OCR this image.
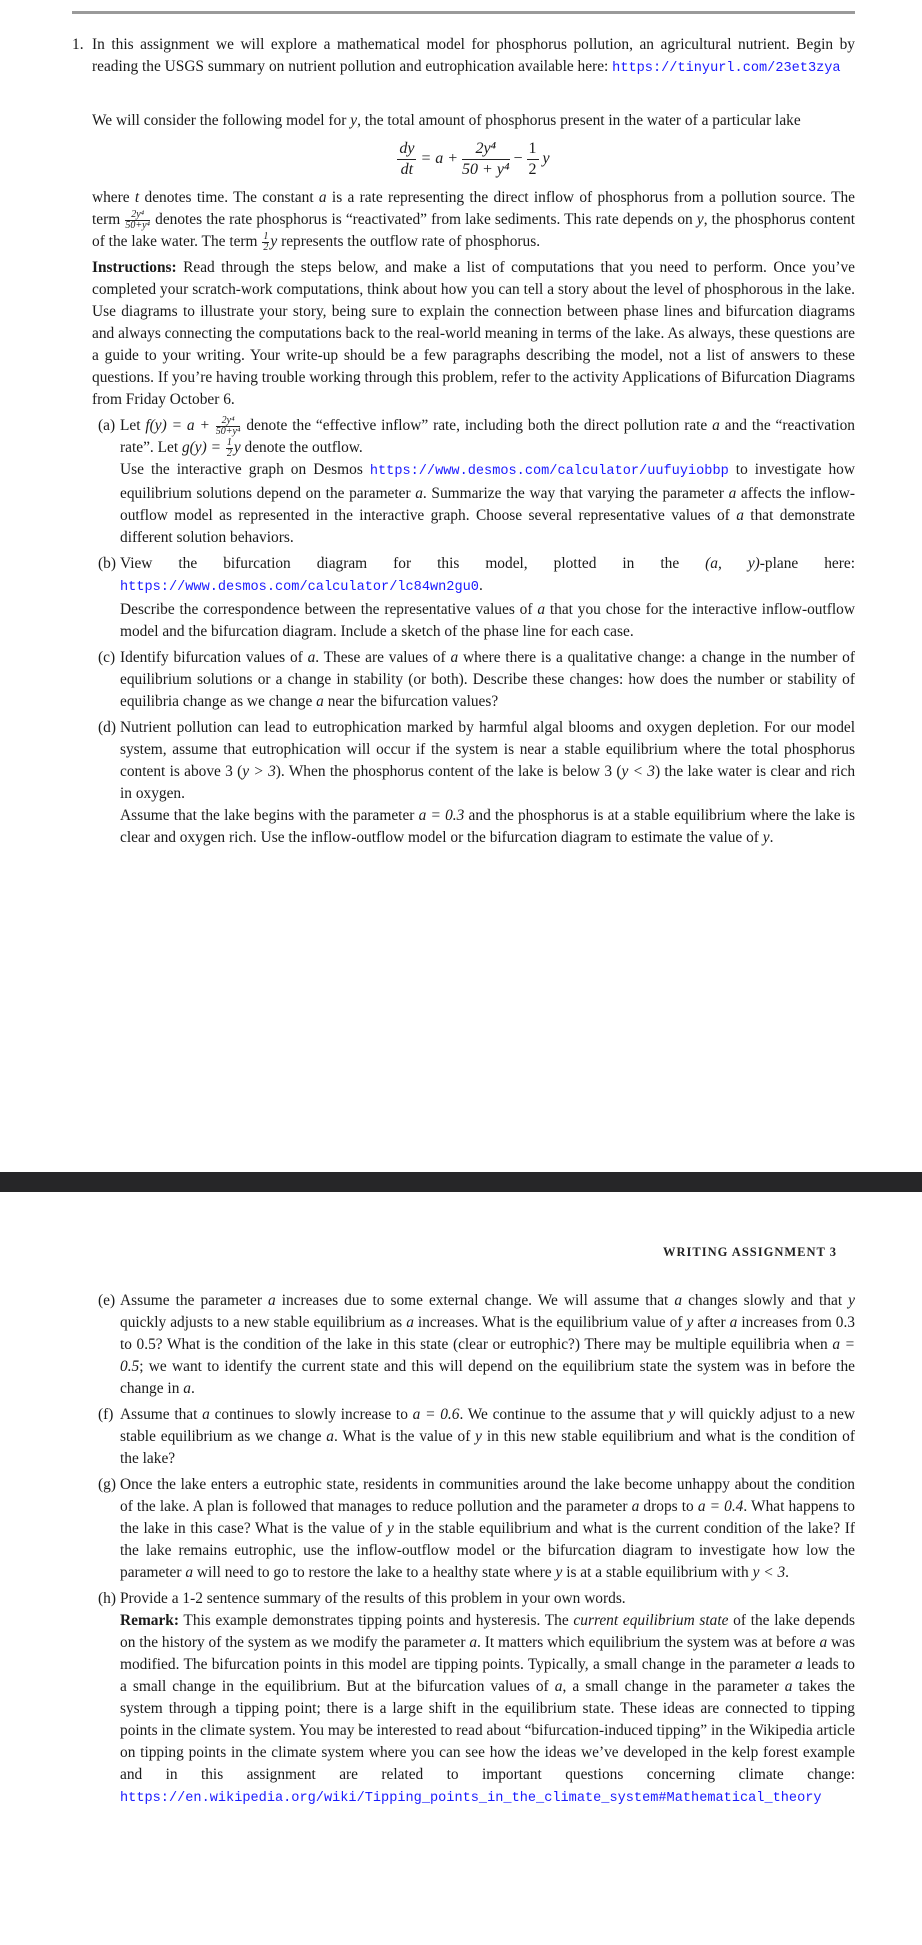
1. In this assignment we will explore a mathematical model for phosphorus pollution, an agricultural nutrient. Begin by reading the USGS summary on nutrient pollution and eutrophication available here: https://tinyurl.com/23et3zya

We will consider the following model for y, the total amount of phosphorus present in the water of a particular lake

$\frac{dy}{dt} = a + \frac{\text{2y⁴}}{\text{50 + y⁴}} - \frac{1}{2}$ y

where t denotes time. The constant a is a rate representing the direct inflow of phosphorus from a pollution source. The term $\frac{\text{2y⁴}}{\text{50+y⁴}}$ denotes the rate phosphorus is “reactivated” from lake sediments. This rate depends on y, the phosphorus content of the lake water. The term $\frac{1}{2}$ y represents the outflow rate of phosphorus.

Instructions: Read through the steps below, and make a list of computations that you need to perform. Once you’ve completed your scratch-work computations, think about how you can tell a story about the level of phosphorous in the lake. Use diagrams to illustrate your story, being sure to explain the connection between phase lines and bifurcation diagrams and always connecting the computations back to the real-world meaning in terms of the lake. As always, these questions are a guide to your writing. Your write-up should be a few paragraphs describing the model, not a list of answers to these questions. If you’re having trouble working through this problem, refer to the activity Applications of Bifurcation Diagrams from Friday October 6.

(a) Let $f(y) = a + \frac{\text{2y⁴}}{\text{50+y⁴}}$ denote the “effective inflow” rate, including both the direct pollution rate a and the “reactivation rate”. Let $g(y) = \frac{1}{2}$ y denote the outflow.
Use the interactive graph on Desmos https://www.desmos.com/calculator/uufuyiobbp to investigate how equilibrium solutions depend on the parameter a. Summarize the way that varying the parameter a affects the inflow-outflow model as represented in the interactive graph. Choose several representative values of a that demonstrate different solution behaviors.

(b) View the bifurcation diagram for this model, plotted in the (a, y)-plane here: https://www.desmos.com/calculator/lc84wn2gu0.
Describe the correspondence between the representative values of a that you chose for the interactive inflow-outflow model and the bifurcation diagram. Include a sketch of the phase line for each case.

(c) Identify bifurcation values of a. These are values of a where there is a qualitative change: a change in the number of equilibrium solutions or a change in stability (or both). Describe these changes: how does the number or stability of equilibria change as we change a near the bifurcation values?

(d) Nutrient pollution can lead to eutrophication marked by harmful algal blooms and oxygen depletion. For our model system, assume that eutrophication will occur if the system is near a stable equilibrium where the total phosphorus content is above 3 (y > 3). When the phosphorus content of the lake is below 3 (y < 3) the lake water is clear and rich in oxygen.
Assume that the lake begins with the parameter a = 0.3 and the phosphorus is at a stable equilibrium where the lake is clear and oxygen rich. Use the inflow-outflow model or the bifurcation diagram to estimate the value of y.

WRITING ASSIGNMENT 3
(e) Assume the parameter a increases due to some external change. We will assume that a changes slowly and that y quickly adjusts to a new stable equilibrium as a increases. What is the equilibrium value of y after a increases from 0.3 to 0.5? What is the condition of the lake in this state (clear or eutrophic?) There may be multiple equilibria when a = 0.5; we want to identify the current state and this will depend on the equilibrium state the system was in before the change in a.

(f) Assume that a continues to slowly increase to a = 0.6. We continue to the assume that y will quickly adjust to a new stable equilibrium as we change a. What is the value of y in this new stable equilibrium and what is the condition of the lake?

(g) Once the lake enters a eutrophic state, residents in communities around the lake become unhappy about the condition of the lake. A plan is followed that manages to reduce pollution and the parameter a drops to a = 0.4. What happens to the lake in this case? What is the value of y in the stable equilibrium and what is the current condition of the lake? If the lake remains eutrophic, use the inflow-outflow model or the bifurcation diagram to investigate how low the parameter a will need to go to restore the lake to a healthy state where y is at a stable equilibrium with y < 3.

(h) Provide a 1-2 sentence summary of the results of this problem in your own words.
Remark: This example demonstrates tipping points and hysteresis. The current equilibrium state of the lake depends on the history of the system as we modify the parameter a. It matters which equilibrium the system was at before a was modified. The bifurcation points in this model are tipping points. Typically, a small change in the parameter a leads to a small change in the equilibrium. But at the bifurcation values of a, a small change in the parameter a takes the system through a tipping point; there is a large shift in the equilibrium state. These ideas are connected to tipping points in the climate system. You may be interested to read about “bifurcation-induced tipping” in the Wikipedia article on tipping points in the climate system where you can see how the ideas we’ve developed in the kelp forest example and in this assignment are related to important questions concerning climate change: https://en.wikipedia.org/wiki/Tipping_points_in_the_climate_system#Mathematical_theory
